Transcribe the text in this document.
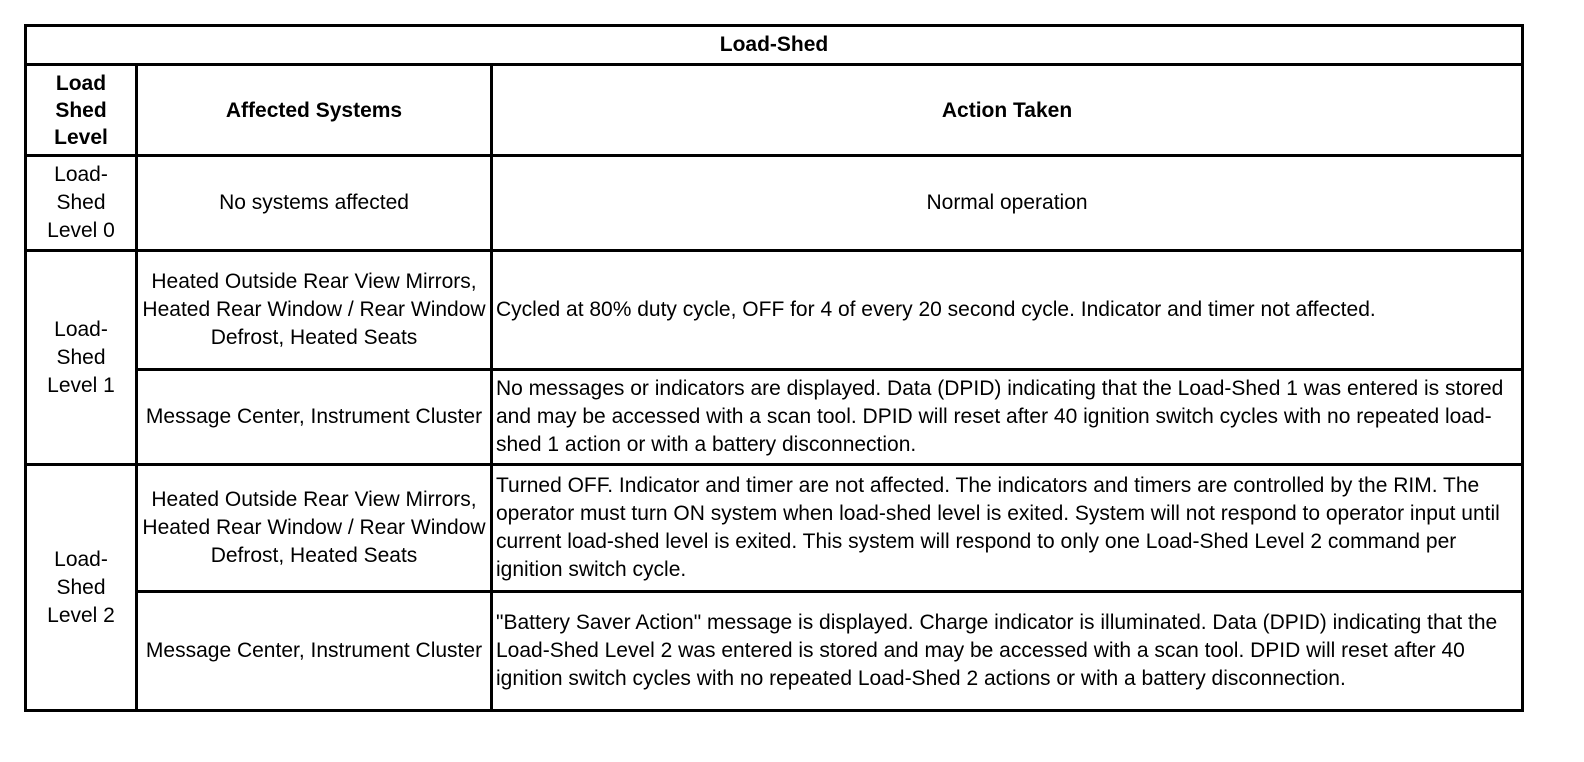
Load-Shed		
Load Shed Level	Affected Systems	Action Taken
Load-Shed Level 0	No systems affected	Normal operation
Load-Shed Level 1	Heated Outside Rear View Mirrors, Heated Rear Window / Rear Window Defrost, Heated Seats	Cycled at 80% duty cycle, OFF for 4 of every 20 second cycle. Indicator and timer not affected.
	Message Center, Instrument Cluster	No messages or indicators are displayed. Data (DPID) indicating that the Load-Shed 1 was entered is stored and may be accessed with a scan tool. DPID will reset after 40 ignition switch cycles with no repeated load-shed 1 action or with a battery disconnection.
Load-Shed Level 2	Heated Outside Rear View Mirrors, Heated Rear Window / Rear Window Defrost, Heated Seats	Turned OFF. Indicator and timer are not affected. The indicators and timers are controlled by the RIM. The operator must turn ON system when load-shed level is exited. System will not respond to operator input until current load-shed level is exited. This system will respond to only one Load-Shed Level 2 command per ignition switch cycle.
	Message Center, Instrument Cluster	"Battery Saver Action" message is displayed. Charge indicator is illuminated. Data (DPID) indicating that the Load-Shed Level 2 was entered is stored and may be accessed with a scan tool. DPID will reset after 40 ignition switch cycles with no repeated Load-Shed 2 actions or with a battery disconnection.
